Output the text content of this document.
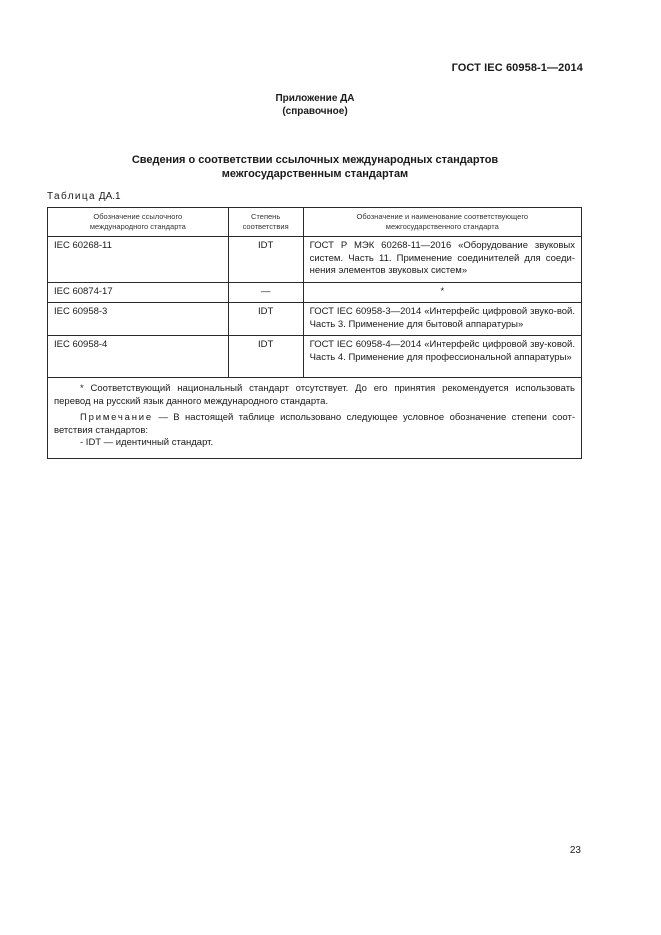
ГОСТ IEC 60958-1—2014
Приложение ДА
(справочное)
Сведения о соответствии ссылочных международных стандартов
межгосударственным стандартам
Таблица ДА.1
Обозначение ссылочного международного стандарта	Степень соответствия	Обозначение и наименование соответствующего межгосударственного стандарта
IEC 60268-11	IDT	ГОСТ Р МЭК 60268-11—2016 «Оборудование звуковых систем. Часть 11. Применение соединителей для соеди-нения элементов звуковых систем»
IEC 60874-17	—	*
IEC 60958-3	IDT	ГОСТ IEC 60958-3—2014 «Интерфейс цифровой звуко-вой. Часть 3. Применение для бытовой аппаратуры»
IEC 60958-4	IDT	ГОСТ IEC 60958-4—2014 «Интерфейс цифровой зву-ковой. Часть 4. Применение для профессиональной аппаратуры»

* Соответствующий национальный стандарт отсутствует. До его принятия рекомендуется использовать перевод на русский язык данного международного стандарта.

Примечание — В настоящей таблице использовано следующее условное обозначение степени соот-ветствия стандартов:

- IDT — идентичный стандарт.		

23
